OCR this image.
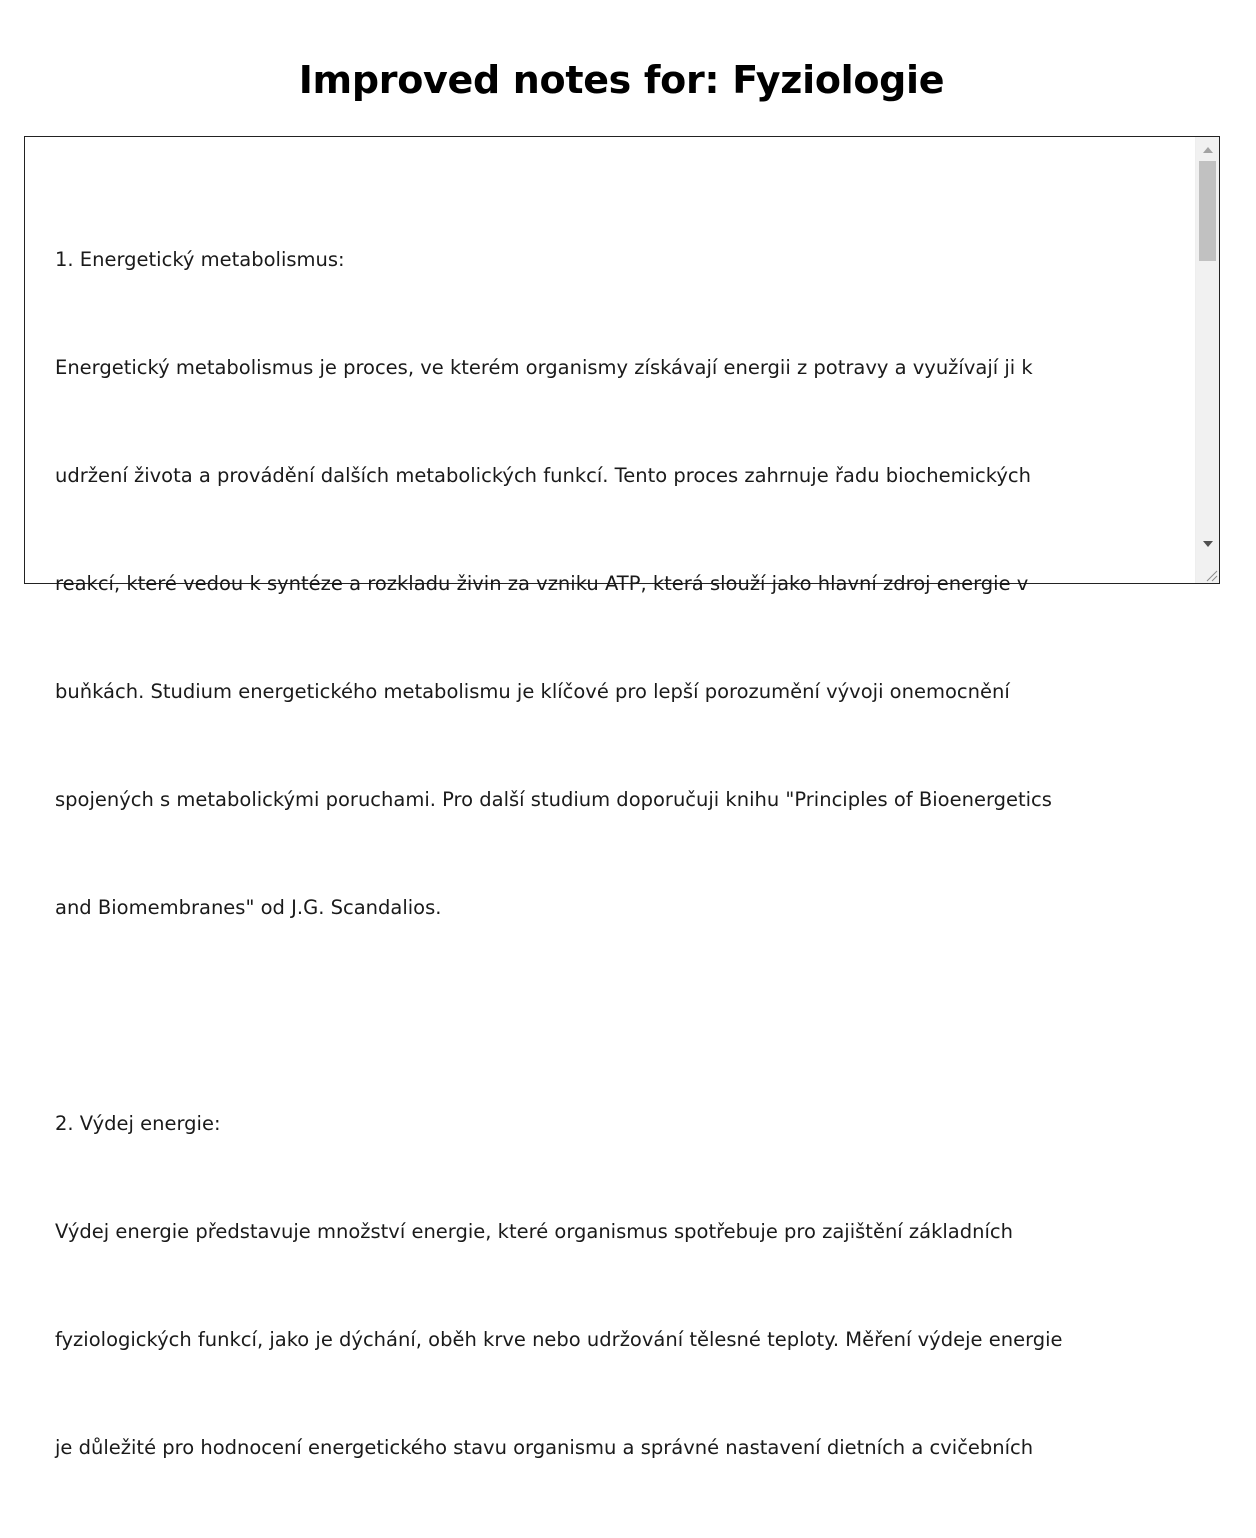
Improved notes for: Fyziologie

1. Energetický metabolismus:

Energetický metabolismus je proces, ve kterém organismy získávají energii z potravy a využívají ji k

udržení života a provádění dalších metabolických funkcí. Tento proces zahrnuje řadu biochemických

reakcí, které vedou k syntéze a rozkladu živin za vzniku ATP, která slouží jako hlavní zdroj energie v

buňkách. Studium energetického metabolismu je klíčové pro lepší porozumění vývoji onemocnění

spojených s metabolickými poruchami. Pro další studium doporučuji knihu "Principles of Bioenergetics

and Biomembranes" od J.G. Scandalios.

2. Výdej energie:

Výdej energie představuje množství energie, které organismus spotřebuje pro zajištění základních

fyziologických funkcí, jako je dýchání, oběh krve nebo udržování tělesné teploty. Měření výdeje energie

je důležité pro hodnocení energetického stavu organismu a správné nastavení dietních a cvičebních
